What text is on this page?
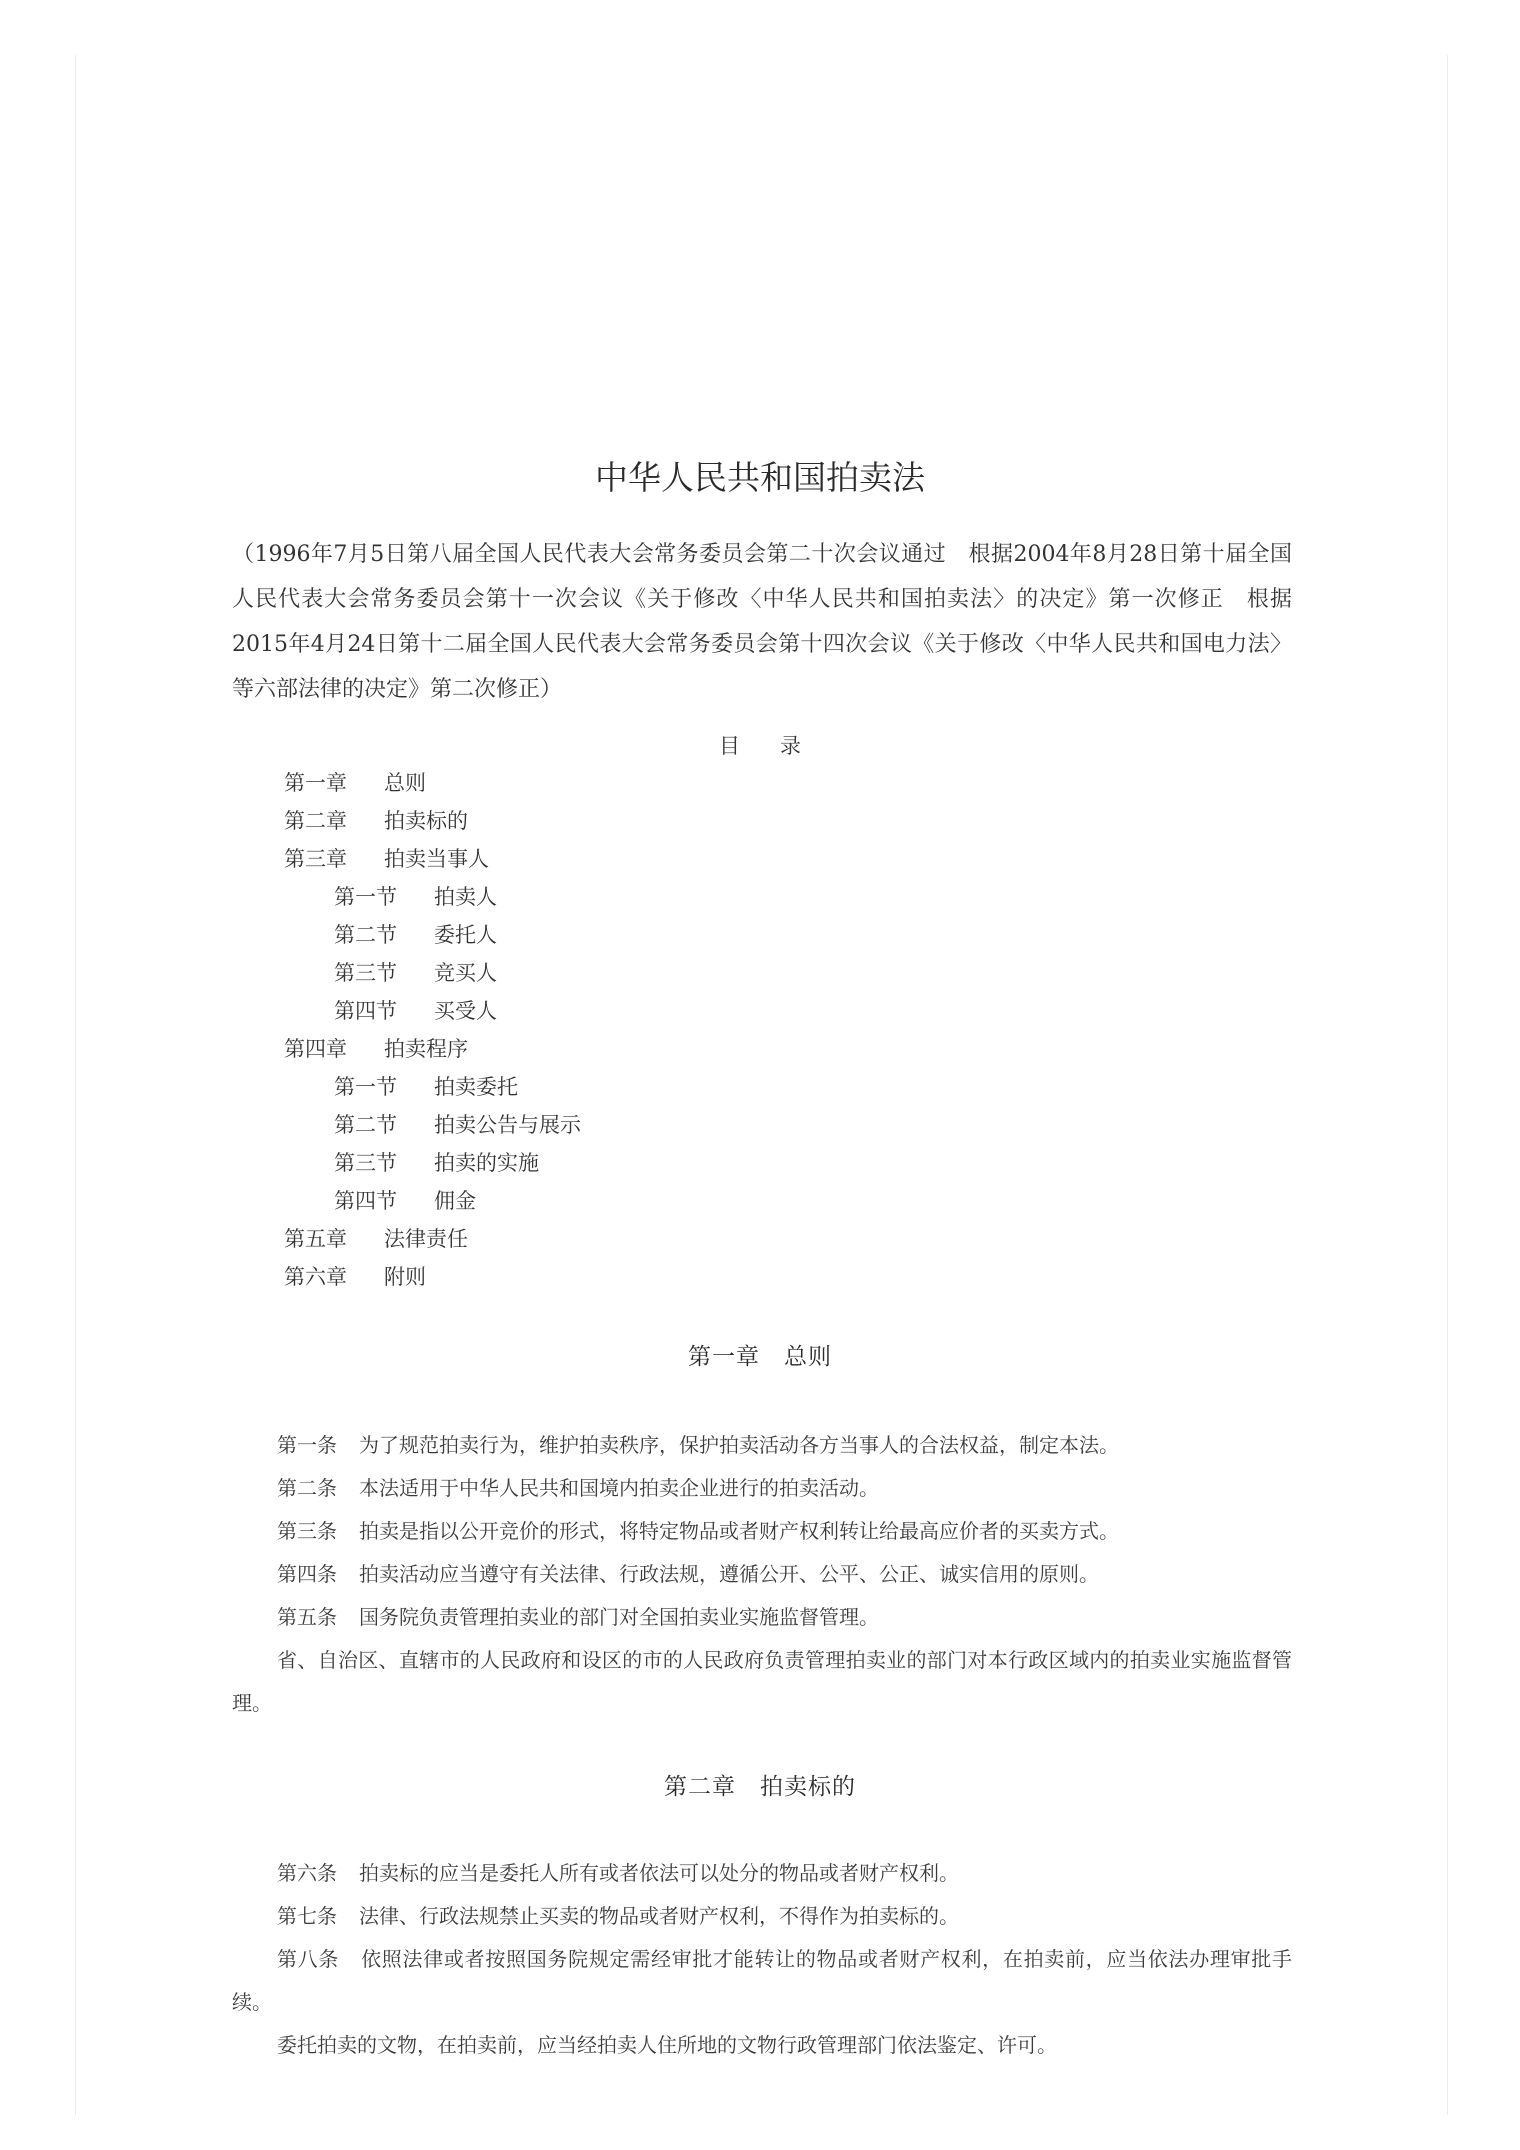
中华人民共和国拍卖法
（1996年7月5日第八届全国人民代表大会常务委员会第二十次会议通过　根据2004年8月28日第十届全国人民代表大会常务委员会第十一次会议《关于修改〈中华人民共和国拍卖法〉的决定》第一次修正　根据2015年4月24日第十二届全国人民代表大会常务委员会第十四次会议《关于修改〈中华人民共和国电力法〉等六部法律的决定》第二次修正）
目录
第一章 总则
第二章 拍卖标的
第三章 拍卖当事人
第一节 拍卖人
第二节 委托人
第三节 竞买人
第四节 买受人
第四章 拍卖程序
第一节 拍卖委托
第二节 拍卖公告与展示
第三节 拍卖的实施
第四节 佣金
第五章 法律责任
第六章 附则
第一章　总则
第一条 为了规范拍卖行为，维护拍卖秩序，保护拍卖活动各方当事人的合法权益，制定本法。
第二条 本法适用于中华人民共和国境内拍卖企业进行的拍卖活动。
第三条 拍卖是指以公开竞价的形式，将特定物品或者财产权利转让给最高应价者的买卖方式。
第四条 拍卖活动应当遵守有关法律、行政法规，遵循公开、公平、公正、诚实信用的原则。
第五条 国务院负责管理拍卖业的部门对全国拍卖业实施监督管理。
省、自治区、直辖市的人民政府和设区的市的人民政府负责管理拍卖业的部门对本行政区域内的拍卖业实施监督管理。
第二章　拍卖标的
第六条 拍卖标的应当是委托人所有或者依法可以处分的物品或者财产权利。
第七条 法律、行政法规禁止买卖的物品或者财产权利，不得作为拍卖标的。
第八条 依照法律或者按照国务院规定需经审批才能转让的物品或者财产权利，在拍卖前，应当依法办理审批手续。
委托拍卖的文物，在拍卖前，应当经拍卖人住所地的文物行政管理部门依法鉴定、许可。
